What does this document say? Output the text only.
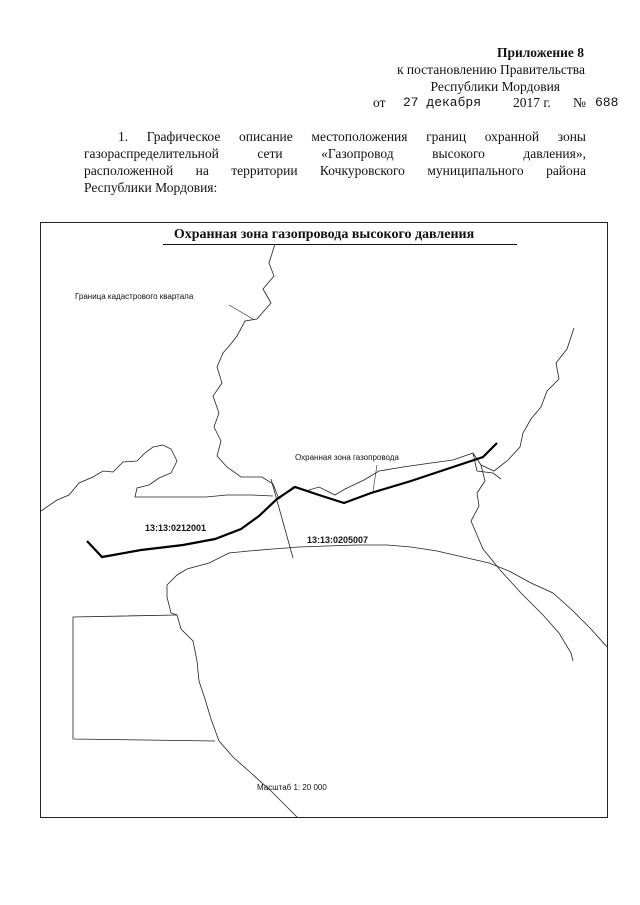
Приложение 8
к постановлению Правительства
Республики Мордовия
от 27 декабря 2017 г. № 688
1. Графическое описание местоположения границ охранной зоны
газораспределительной сети «Газопровод высокого давления»,
расположенной на территории Кочкуровского муниципального района
Республики Мордовия:
Охранная зона газопровода высокого давления
Граница кадастрового квартала
Охранная зона газопровода
13:13:0212001
13:13:0205007
Масштаб 1: 20 000
